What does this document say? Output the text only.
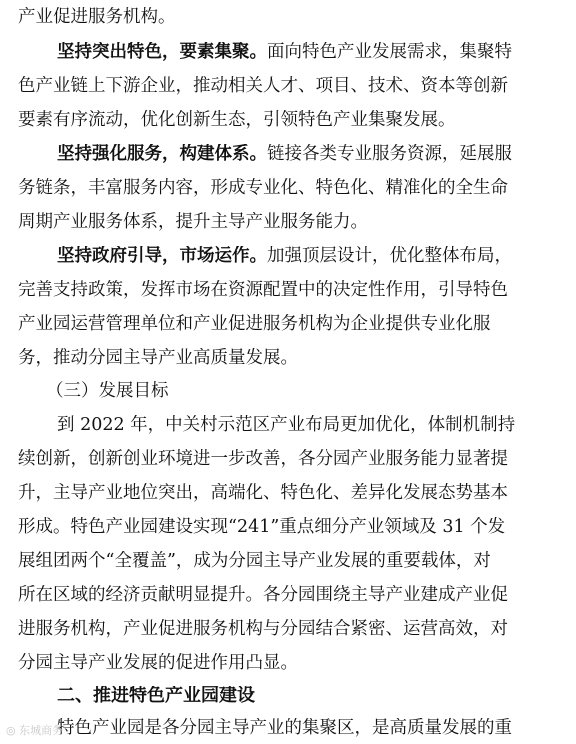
产业促进服务机构。
坚持突出特色，要素集聚。面向特色产业发展需求，集聚特
色产业链上下游企业，推动相关人才、项目、技术、资本等创新
要素有序流动，优化创新生态，引领特色产业集聚发展。
坚持强化服务，构建体系。链接各类专业服务资源，延展服
务链条，丰富服务内容，形成专业化、特色化、精准化的全生命
周期产业服务体系，提升主导产业服务能力。
坚持政府引导，市场运作。加强顶层设计，优化整体布局，
完善支持政策，发挥市场在资源配置中的决定性作用，引导特色
产业园运营管理单位和产业促进服务机构为企业提供专业化服
务，推动分园主导产业高质量发展。
（三）发展目标
到 2022 年，中关村示范区产业布局更加优化，体制机制持
续创新，创新创业环境进一步改善，各分园产业服务能力显著提
升，主导产业地位突出，高端化、特色化、差异化发展态势基本
形成。特色产业园建设实现“241”重点细分产业领域及 31 个发
展组团两个“全覆盖”，成为分园主导产业发展的重要载体，对
所在区域的经济贡献明显提升。各分园围绕主导产业建成产业促
进服务机构，产业促进服务机构与分园结合紧密、运营高效，对
分园主导产业发展的促进作用凸显。
二、推进特色产业园建设
特色产业园是各分园主导产业的集聚区，是高质量发展的重
◎ 东城商务
